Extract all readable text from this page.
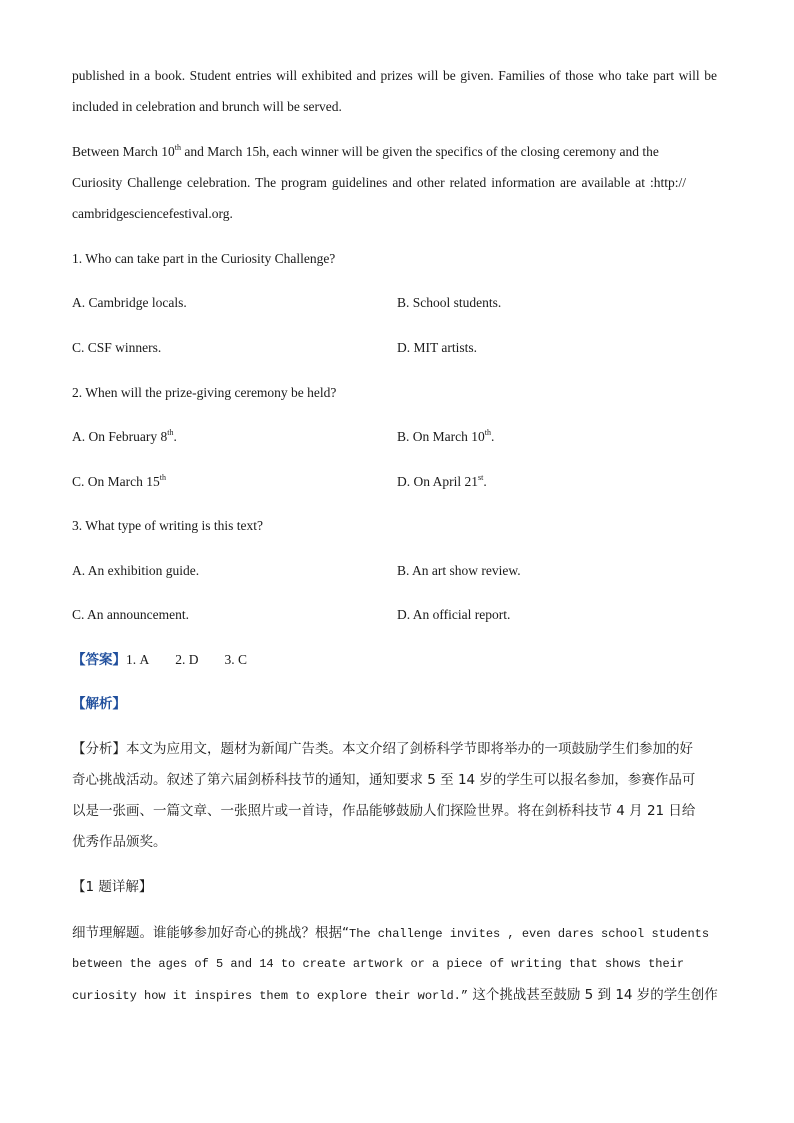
published in a book. Student entries will exhibited and prizes will be given. Families of those who take part will be
included in celebration and brunch will be served.
Between March 10th and March 15h, each winner will be given the specifics of the closing ceremony and the
Curiosity Challenge celebration. The program guidelines and other related information are available at :http://
cambridgesciencefestival.org.
1. Who can take part in the Curiosity Challenge?
A. Cambridge locals.	B. School students.
C. CSF winners.	D. MIT artists.
2. When will the prize-giving ceremony be held?
A. On February 8th.	B. On March 10th.
C. On March 15th	D. On April 21st.
3. What type of writing is this text?
A. An exhibition guide.	B. An art show review.
C. An announcement.	D. An official report.
【答案】1. A 2. D 3. C
【解析】
【分析】本文为应用文，题材为新闻广告类。本文介绍了剑桥科学节即将举办的一项鼓励学生们参加的好
奇心挑战活动。叙述了第六届剑桥科技节的通知，通知要求 5 至 14 岁的学生可以报名参加，参赛作品可
以是一张画、一篇文章、一张照片或一首诗，作品能够鼓励人们探险世界。将在剑桥科技节 4 月 21 日给
优秀作品颁奖。
【1 题详解】
细节理解题。谁能够参加好奇心的挑战？根据“The challenge invites , even dares school students
between the ages of 5 and 14 to create artwork or a piece of writing that shows their
curiosity how it inspires them to explore their world.” 这个挑战甚至鼓励 5 到 14 岁的学生创作
